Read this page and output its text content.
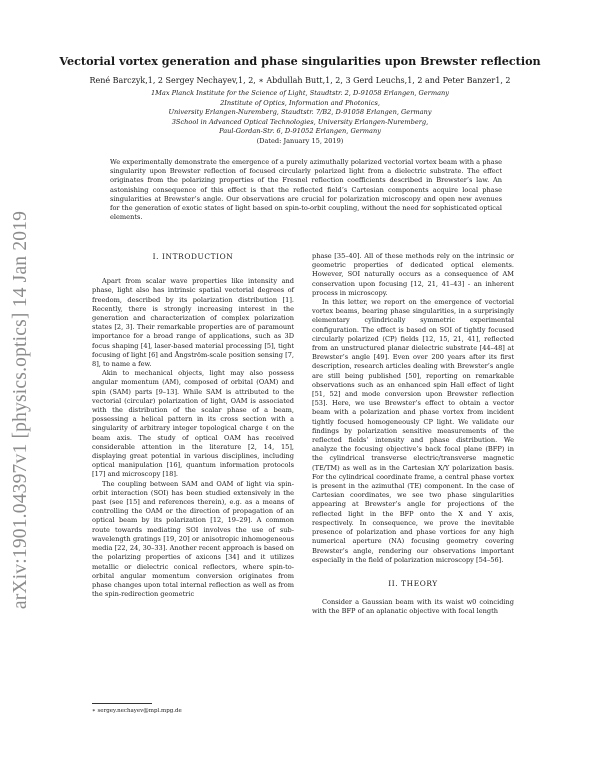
arXiv:1901.04397v1 [physics.optics] 14 Jan 2019
Vectorial vortex generation and phase singularities upon Brewster reflection
René Barczyk,1, 2 Sergey Nechayev,1, 2, ∗ Abdullah Butt,1, 2, 3 Gerd Leuchs,1, 2 and Peter Banzer1, 2
1Max Planck Institute for the Science of Light, Staudtstr. 2, D-91058 Erlangen, Germany
2Institute of Optics, Information and Photonics,
University Erlangen-Nuremberg, Staudtstr. 7/B2, D-91058 Erlangen, Germany
3School in Advanced Optical Technologies, University Erlangen-Nuremberg,
Paul-Gordan-Str. 6, D-91052 Erlangen, Germany
(Dated: January 15, 2019)

We experimentally demonstrate the emergence of a purely azimuthally polarized vectorial vortex beam with a phase singularity upon Brewster reflection of focused circularly polarized light from a dielectric substrate. The effect originates from the polarizing properties of the Fresnel reflection coefficients described in Brewster’s law. An astonishing consequence of this effect is that the reflected field’s Cartesian components acquire local phase singularities at Brewster’s angle. Our observations are crucial for polarization microscopy and open new avenues for the generation of exotic states of light based on spin-to-orbit coupling, without the need for sophisticated optical elements.

I. INTRODUCTION

Apart from scalar wave properties like intensity and phase, light also has intrinsic spatial vectorial degrees of freedom, described by its polarization distribution [1]. Recently, there is strongly increasing interest in the generation and characterization of complex polarization states [2, 3]. Their remarkable properties are of paramount importance for a broad range of applications, such as 3D focus shaping [4], laser-based material processing [5], tight focusing of light [6] and Ångström-scale position sensing [7, 8], to name a few.

Akin to mechanical objects, light may also possess angular momentum (AM), composed of orbital (OAM) and spin (SAM) parts [9–13]. While SAM is attributed to the vectorial (circular) polarization of light, OAM is associated with the distribution of the scalar phase of a beam, possessing a helical pattern in its cross section with a singularity of arbitrary integer topological charge ℓ on the beam axis. The study of optical OAM has received considerable attention in the literature [2, 14, 15], displaying great potential in various disciplines, including optical manipulation [16], quantum information protocols [17] and microscopy [18].

The coupling between SAM and OAM of light via spin-orbit interaction (SOI) has been studied extensively in the past (see [15] and references therein), e.g. as a means of controlling the OAM or the direction of propagation of an optical beam by its polarization [12, 19–29]. A common route towards mediating SOI involves the use of sub-wavelength gratings [19, 20] or anisotropic inhomogeneous media [22, 24, 30–33]. Another recent approach is based on the polarizing properties of axicons [34] and it utilizes metallic or dielectric conical reflectors, where spin-to-orbital angular momentum conversion originates from phase changes upon total internal reflection as well as from the spin-redirection geometric

phase [35–40]. All of these methods rely on the intrinsic or geometric properties of dedicated optical elements. However, SOI naturally occurs as a consequence of AM conservation upon focusing [12, 21, 41–43] - an inherent process in microscopy.

In this letter, we report on the emergence of vectorial vortex beams, bearing phase singularities, in a surprisingly elementary cylindrically symmetric experimental configuration. The effect is based on SOI of tightly focused circularly polarized (CP) fields [12, 15, 21, 41], reflected from an unstructured planar dielectric substrate [44–48] at Brewster’s angle [49]. Even over 200 years after its first description, research articles dealing with Brewster’s angle are still being published [50], reporting on remarkable observations such as an enhanced spin Hall effect of light [51, 52] and mode conversion upon Brewster reflection [53]. Here, we use Brewster’s effect to obtain a vector beam with a polarization and phase vortex from incident tightly focused homogeneously CP light. We validate our findings by polarization sensitive measurements of the reflected fields’ intensity and phase distribution. We analyze the focusing objective’s back focal plane (BFP) in the cylindrical transverse electric/transverse magnetic (TE/TM) as well as in the Cartesian X/Y polarization basis. For the cylindrical coordinate frame, a central phase vortex is present in the azimuthal (TE) component. In the case of Cartesian coordinates, we see two phase singularities appearing at Brewster’s angle for projections of the reflected light in the BFP onto the X and Y axis, respectively. In consequence, we prove the inevitable presence of polarization and phase vortices for any high numerical aperture (NA) focusing geometry covering Brewster’s angle, rendering our observations important especially in the field of polarization microscopy [54–56].

II. THEORY

Consider a Gaussian beam with its waist w0 coinciding with the BFP of an aplanatic objective with focal length

∗ sergey.nechayev@mpl.mpg.de
